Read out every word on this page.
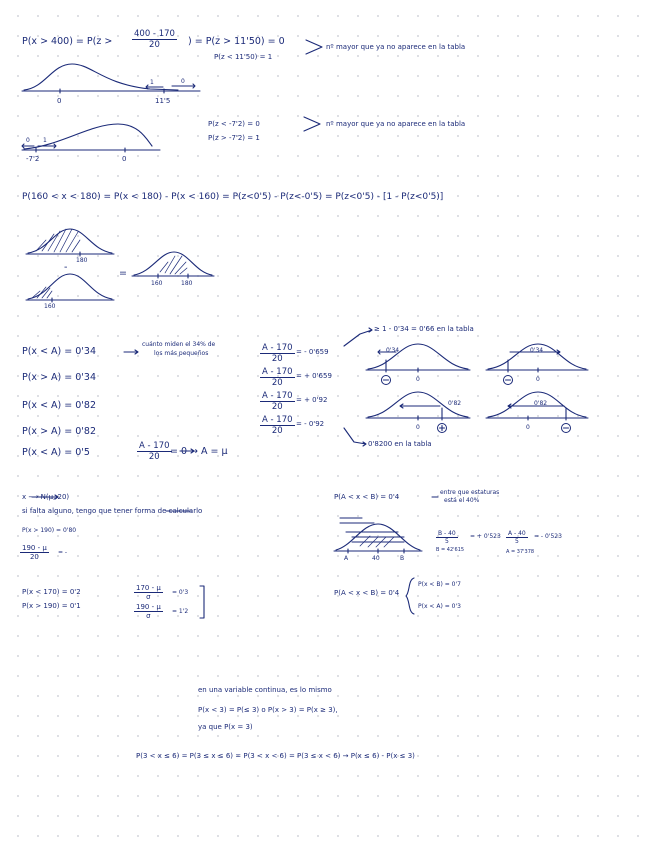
$P(x > 400) = P(z > \frac{400 - 170}{20}$ ) = P(z > 11'50) = 0
P(z < 11'50) = 1
nº mayor que ya no aparece en la tabla
0	11'5
1	0
P(z < -7'2) = 0
P(z > -7'2) = 1
nº mayor que ya no aparece en la tabla
-7'2	0
0 1
P(160 < x < 180) = P(x < 180) - P(x < 160) = P(z<0'5) - P(z<-0'5) = P(z<0'5) - [1 - P(z<0'5)]
180
-
160
=
160	180
P(x < A) = 0'34
cuánto miden el 34% de
los más pequeños
P(x > A) = 0'34
P(x < A) = 0'82
P(x > A) = 0'82
P(x < A) = 0'5	$\frac{A - 170}{20}$
= 0 → A = μ
$\frac{A - 170}{20}$ = - 0'659
$\frac{A - 170}{20}$ = + 0'659
$\frac{A - 170}{20}$ = + 0'92
$\frac{A - 170}{20}$ = - 0'92
≥ 1 - 0'34 = 0'66 en la tabla
0'8200 en la tabla
0'34	0'34
0'82	0'82
0	0
0	0
x ⟶ N(μ, 20)
si falta alguno, tengo que tener forma de calcularlo
P(x > 190) = 0'80
$\frac{190 - \mu}{20}$ = -
P(x < 170) = 0'2
P(x > 190) = 0'1
$\frac{170 - \mu}{\sigma} = 0'3$
$\frac{190 - \mu}{\sigma} = 1'2$
P(A < x < B) = 0'4
entre que estaturas
está el 40%
A	40	B
$\frac{B - 40}{5}$ = + $0'523 \frac{A - 40}{5}$ = - 0'523
B = 42'615	A = 37'378
P(A < x < B) = 0'4
P(x < B) = 0'7
P(x < A) = 0'3
en una variable continua, es lo mismo
P(x < 3) = P(≤ 3) o P(x > 3) = P(x ≥ 3),
ya que P(x = 3)
P(3 < x ≤ 6) = P(3 ≤ x ≤ 6) = P(3 < x < 6) = P(3 ≤ x < 6) → P(x ≤ 6) - P(x ≤ 3)
